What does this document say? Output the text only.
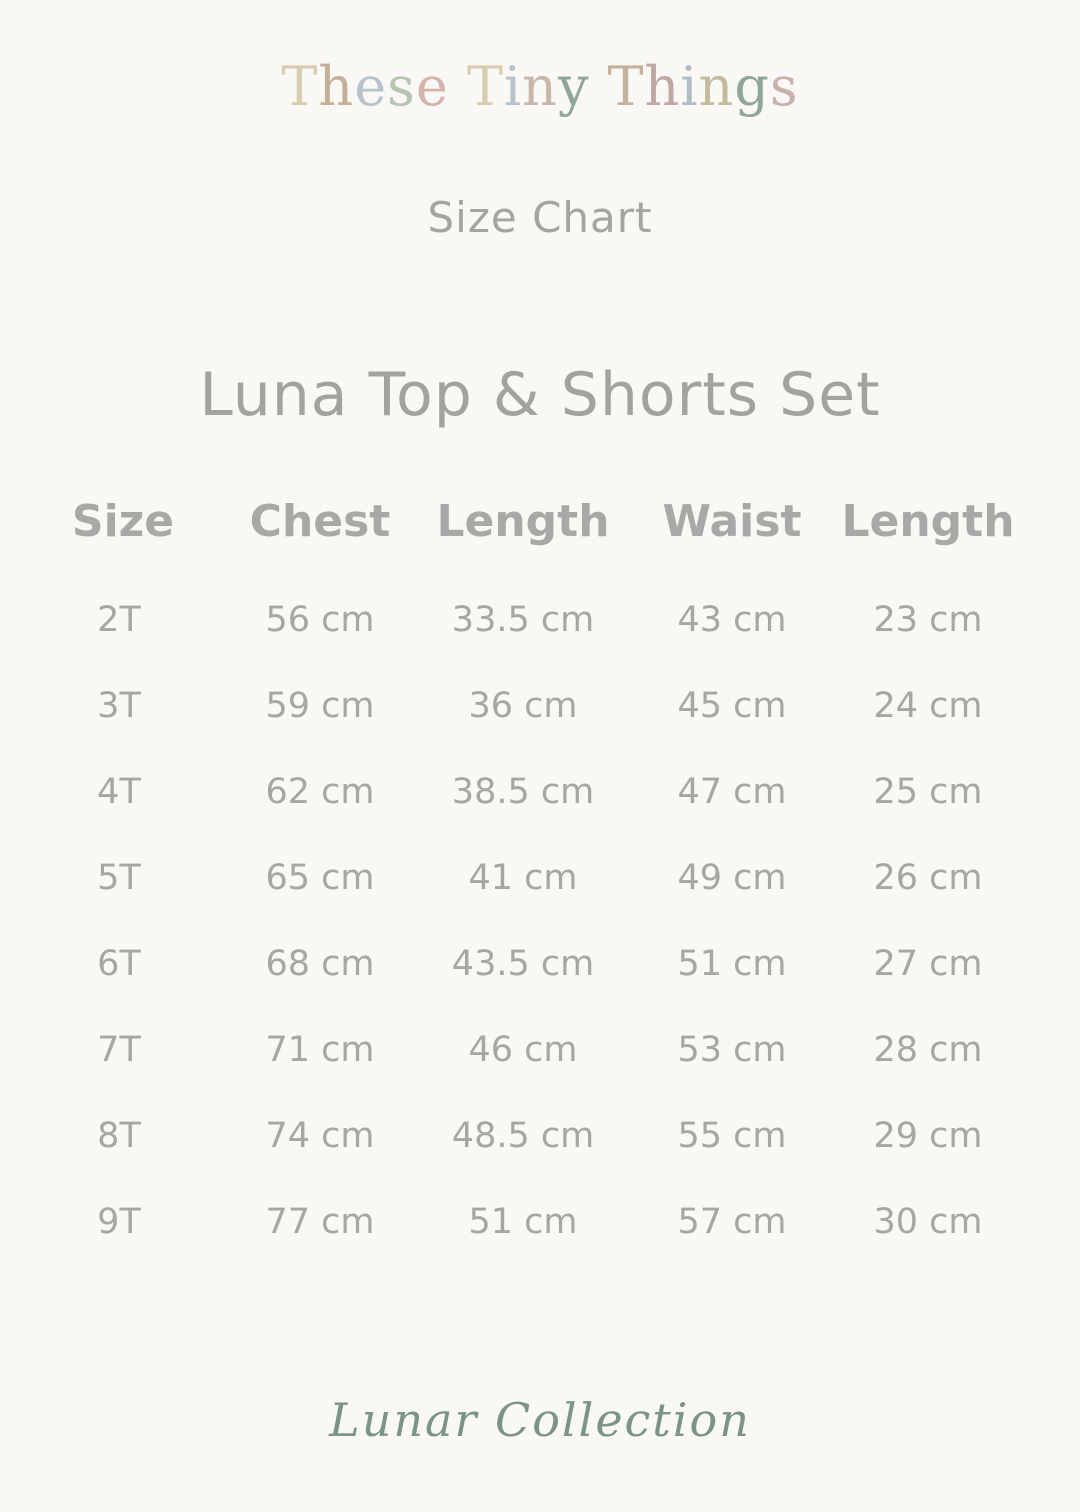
These Tiny Things
Size Chart
Luna Top & Shorts Set
Size Chest Length Waist Length
2T	56 cm 33.5 cm 43 cm 23 cm
3T	59 cm	36 cm	45 cm 24 cm
4T	62 cm 38.5 cm 47 cm 25 cm
5T	65 cm	41 cm	49 cm 26 cm
6T	68 cm 43.5 cm 51 cm 27 cm
7T	71 cm	46 cm	53 cm 28 cm
8T	74 cm 48.5 cm 55 cm 29 cm
9T	77 cm	51 cm	57 cm 30 cm
Lunar Collection
